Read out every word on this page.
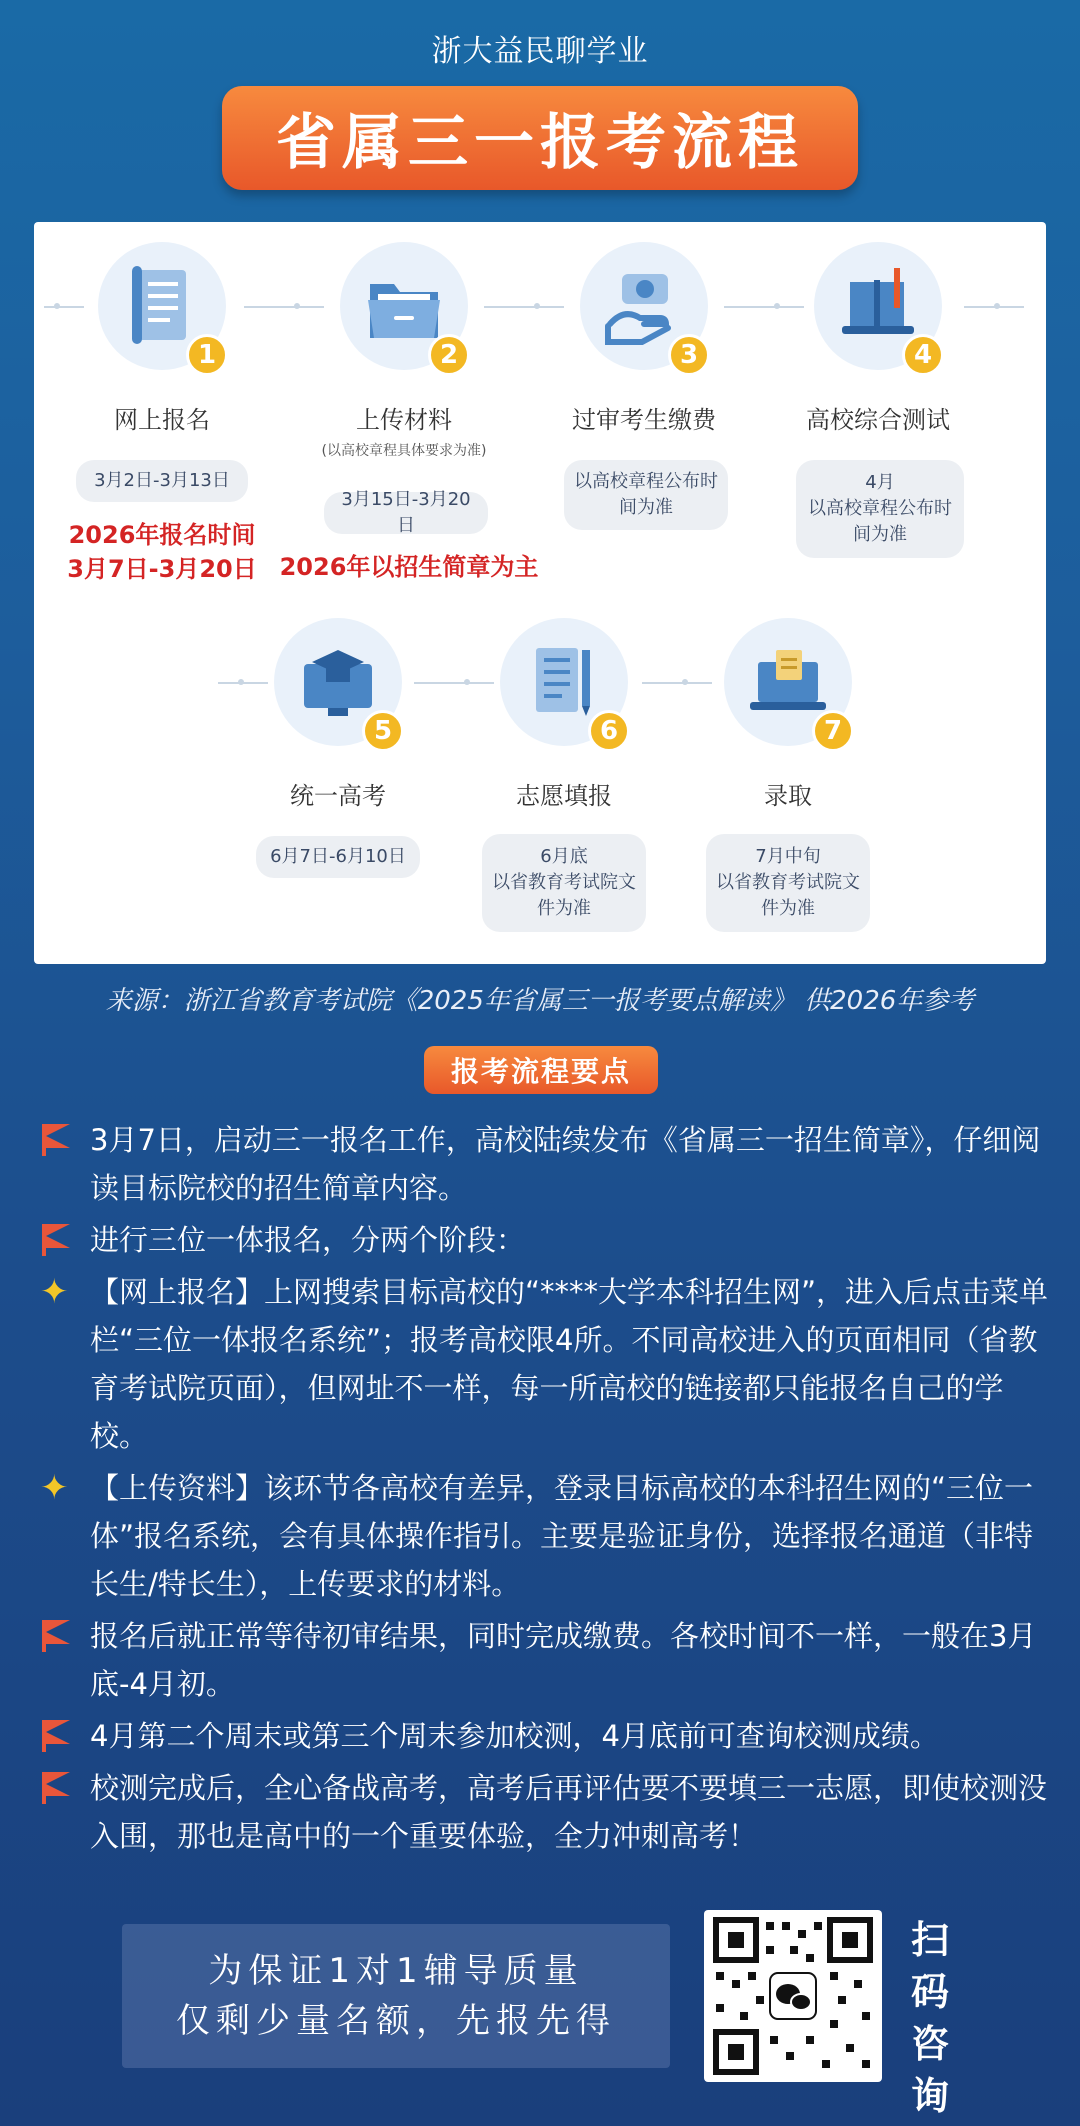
浙大益民聊学业
省属三一报考流程
1
网上报名
3月2日-3月13日
2026年报名时间
3月7日-3月20日
2
上传材料
(以高校章程具体要求为准)
3月15日-3月20日
2026年以招生简章为主
3
过审考生缴费
以高校章程公布时
间为准
4
高校综合测试
4月
以高校章程公布时
间为准
5
统一高考
6月7日-6月10日
6
志愿填报
6月底
以省教育考试院文
件为准
7
录取
7月中旬
以省教育考试院文
件为准
来源：浙江省教育考试院《2025年省属三一报考要点解读》 供2026年参考
报考流程要点
3月7日，启动三一报名工作，高校陆续发布《省属三一招生简章》，仔细阅读目标院校的招生简章内容。
进行三位一体报名，分两个阶段：
✦ 【网上报名】上网搜索目标高校的“****大学本科招生网”，进入后点击菜单栏“三位一体报名系统”；报考高校限4所。不同高校进入的页面相同（省教育考试院页面），但网址不一样，每一所高校的链接都只能报名自己的学校。
✦ 【上传资料】该环节各高校有差异，登录目标高校的本科招生网的“三位一体”报名系统，会有具体操作指引。主要是验证身份，选择报名通道（非特长生/特长生），上传要求的材料。
报名后就正常等待初审结果，同时完成缴费。各校时间不一样，一般在3月底-4月初。
4月第二个周末或第三个周末参加校测，4月底前可查询校测成绩。
校测完成后，全心备战高考，高考后再评估要不要填三一志愿，即使校测没入围，那也是高中的一个重要体验，全力冲刺高考！
为保证1对1辅导质量
仅剩少量名额，先报先得
扫
码
咨
询
